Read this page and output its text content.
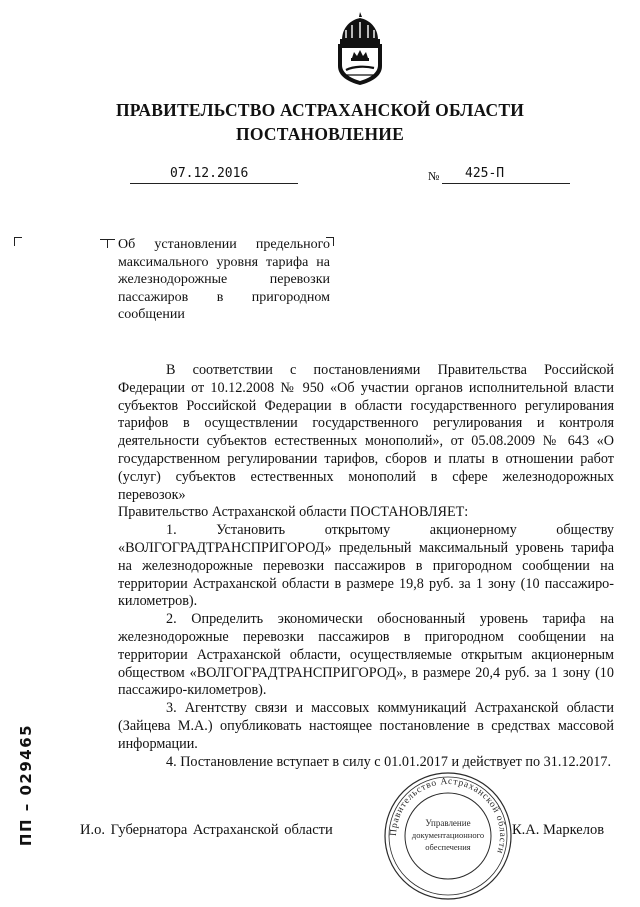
ПРАВИТЕЛЬСТВО АСТРАХАНСКОЙ ОБЛАСТИ
ПОСТАНОВЛЕНИЕ
07.12.2016	№ 425-П
Об установлении предельного максимального уровня тарифа на железнодорожные перевозки пассажиров в пригородном сообщении

В соответствии с постановлениями Правительства Российской Федерации от 10.12.2008 № 950 «Об участии органов исполнительной власти субъектов Российской Федерации в области государственного регулирования тарифов в осуществлении государственного регулирования и контроля деятельности субъектов естественных монополий», от 05.08.2009 № 643 «О государственном регулировании тарифов, сборов и платы в отношении работ (услуг) субъектов естественных монополий в сфере железнодорожных перевозок»

Правительство Астраханской области ПОСТАНОВЛЯЕТ:

1. Установить открытому акционерному обществу «ВОЛГОГРАДТРАНСПРИГОРОД» предельный максимальный уровень тарифа на железнодорожные перевозки пассажиров в пригородном сообщении на территории Астраханской области в размере 19,8 руб. за 1 зону (10 пассажиро-километров).

2. Определить экономически обоснованный уровень тарифа на железнодорожные перевозки пассажиров в пригородном сообщении на территории Астраханской области, осуществляемые открытым акционерным обществом «ВОЛГОГРАДТРАНСПРИГОРОД», в размере 20,4 руб. за 1 зону (10 пассажиро-километров).

3. Агентству связи и массовых коммуникаций Астраханской области (Зайцева М.А.) опубликовать настоящее постановление в средствах массовой информации.

4. Постановление вступает в силу с 01.01.2017 и действует по 31.12.2017.

И.о. Губернатора Астраханской области	К.А. Маркелов
Правительство Астраханской области
Управление
документационного
обеспечения
ПП – 029465
